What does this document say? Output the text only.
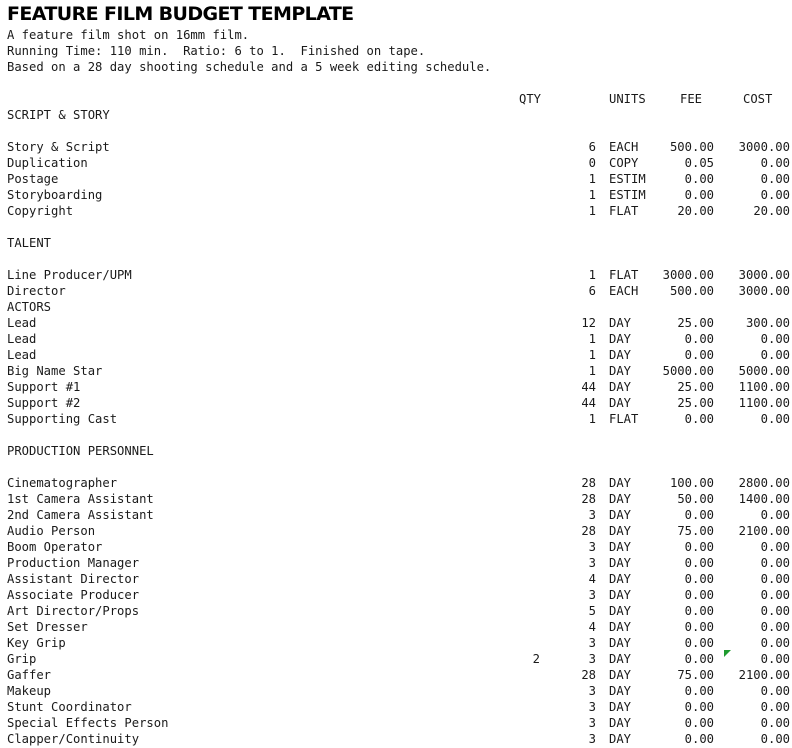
FEATURE FILM BUDGET TEMPLATE
A feature film shot on 16mm film.
Running Time: 110 min.  Ratio: 6 to 1.  Finished on tape.
Based on a 28 day shooting schedule and a 5 week editing schedule.
QTY	UNITS	FEE	COST
SCRIPT & STORY
Story & Script	6 EACH	500.00	3000.00
Duplication	0 COPY	0.05	0.00
Postage	1 ESTIM	0.00	0.00
Storyboarding	1 ESTIM	0.00	0.00
Copyright	1 FLAT	20.00	20.00
TALENT
Line Producer/UPM	1 FLAT	3000.00	3000.00
Director	6 EACH	500.00	3000.00
ACTORS
Lead	12 DAY	25.00	300.00
Lead	1 DAY	0.00	0.00
Lead	1 DAY	0.00	0.00
Big Name Star	1 DAY	5000.00	5000.00
Support #1	44 DAY	25.00	1100.00
Support #2	44 DAY	25.00	1100.00
Supporting Cast	1 FLAT	0.00	0.00
PRODUCTION PERSONNEL
Cinematographer	28 DAY	100.00	2800.00
1st Camera Assistant	28 DAY	50.00	1400.00
2nd Camera Assistant	3 DAY	0.00	0.00
Audio Person	28 DAY	75.00	2100.00
Boom Operator	3 DAY	0.00	0.00
Production Manager	3 DAY	0.00	0.00
Assistant Director	4 DAY	0.00	0.00
Associate Producer	3 DAY	0.00	0.00
Art Director/Props	5 DAY	0.00	0.00
Set Dresser	4 DAY	0.00	0.00
Key Grip	3 DAY	0.00	0.00
Grip	2	3 DAY	0.00	0.00
Gaffer	28 DAY	75.00	2100.00
Makeup	3 DAY	0.00	0.00
Stunt Coordinator	3 DAY	0.00	0.00
Special Effects Person	3 DAY	0.00	0.00
Clapper/Continuity	3 DAY	0.00	0.00
